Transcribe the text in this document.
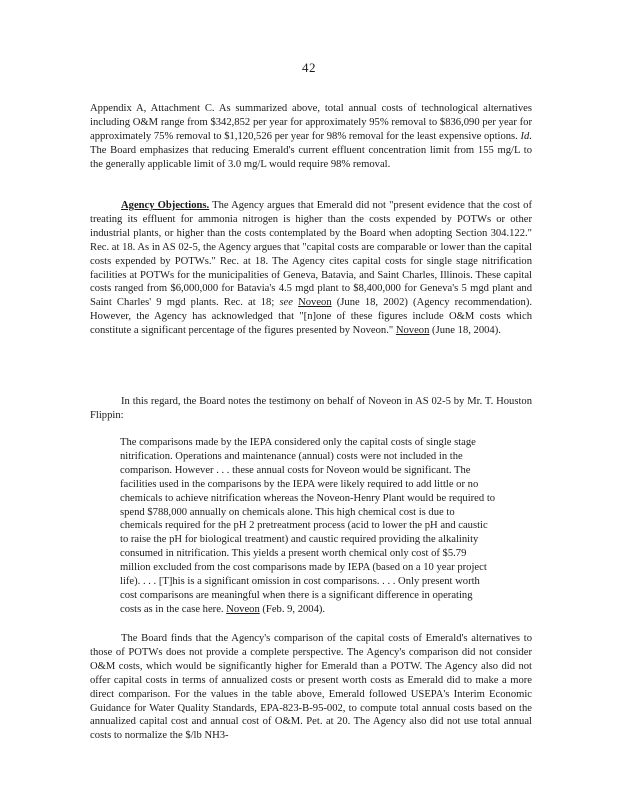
42

Appendix A, Attachment C. As summarized above, total annual costs of technological alternatives including O&M range from $342,852 per year for approximately 95% removal to $836,090 per year for approximately 75% removal to $1,120,526 per year for 98% removal for the least expensive options. Id. The Board emphasizes that reducing Emerald's current effluent concentration limit from 155 mg/L to the generally applicable limit of 3.0 mg/L would require 98% removal.

Agency Objections. The Agency argues that Emerald did not "present evidence that the cost of treating its effluent for ammonia nitrogen is higher than the costs expended by POTWs or other industrial plants, or higher than the costs contemplated by the Board when adopting Section 304.122." Rec. at 18. As in AS 02-5, the Agency argues that "capital costs are comparable or lower than the capital costs expended by POTWs." Rec. at 18. The Agency cites capital costs for single stage nitrification facilities at POTWs for the municipalities of Geneva, Batavia, and Saint Charles, Illinois. These capital costs ranged from $6,000,000 for Batavia's 4.5 mgd plant to $8,400,000 for Geneva's 5 mgd plant and Saint Charles' 9 mgd plants. Rec. at 18; see Noveon (June 18, 2002) (Agency recommendation). However, the Agency has acknowledged that "[n]one of these figures include O&M costs which constitute a significant percentage of the figures presented by Noveon." Noveon (June 18, 2004).

In this regard, the Board notes the testimony on behalf of Noveon in AS 02-5 by Mr. T. Houston Flippin:

The comparisons made by the IEPA considered only the capital costs of single stage nitrification. Operations and maintenance (annual) costs were not included in the comparison. However . . . these annual costs for Noveon would be significant. The facilities used in the comparisons by the IEPA were likely required to add little or no chemicals to achieve nitrification whereas the Noveon-Henry Plant would be required to spend $788,000 annually on chemicals alone. This high chemical cost is due to chemicals required for the pH 2 pretreatment process (acid to lower the pH and caustic to raise the pH for biological treatment) and caustic required providing the alkalinity consumed in nitrification. This yields a present worth chemical only cost of $5.79 million excluded from the cost comparisons made by IEPA (based on a 10 year project life). . . . [T]his is a significant omission in cost comparisons. . . . Only present worth cost comparisons are meaningful when there is a significant difference in operating costs as in the case here. Noveon (Feb. 9, 2004).

The Board finds that the Agency's comparison of the capital costs of Emerald's alternatives to those of POTWs does not provide a complete perspective. The Agency's comparison did not consider O&M costs, which would be significantly higher for Emerald than a POTW. The Agency also did not offer capital costs in terms of annualized costs or present worth costs as Emerald did to make a more direct comparison. For the values in the table above, Emerald followed USEPA's Interim Economic Guidance for Water Quality Standards, EPA-823-B-95-002, to compute total annual costs based on the annualized capital cost and annual cost of O&M. Pet. at 20. The Agency also did not use total annual costs to normalize the $/lb NH3-
